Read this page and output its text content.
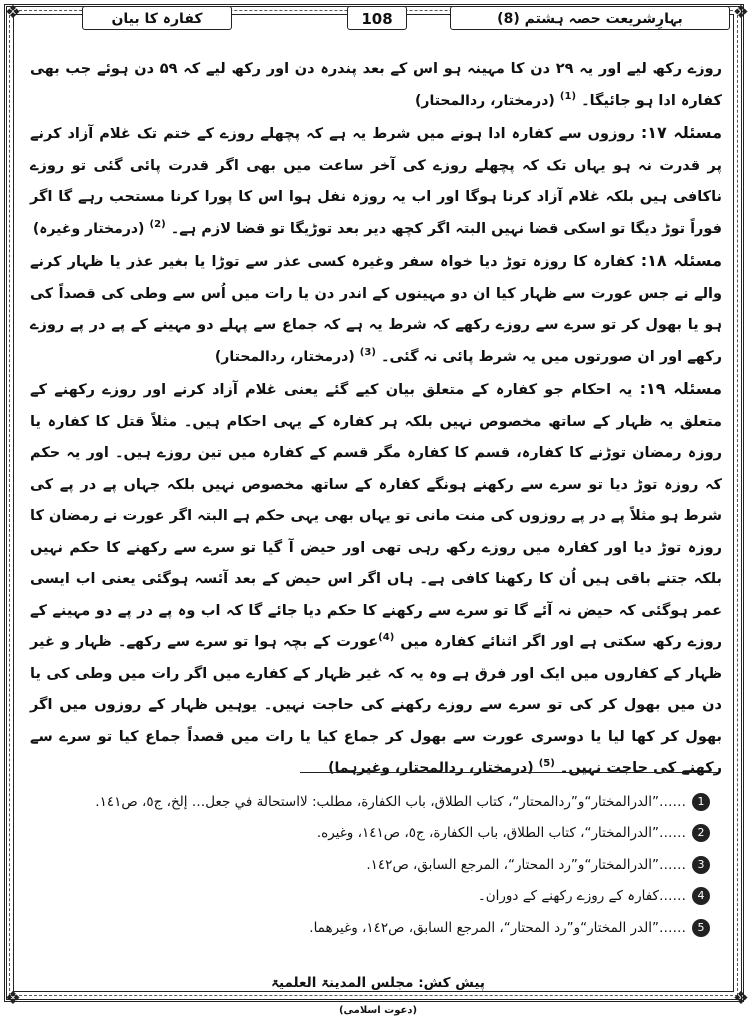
❖	❖
❖	❖
بہارِشریعت حصہ ہشتم (8)
108
کفارہ کا بیان

روزے رکھ لیے اور یہ ۲۹ دن کا مہینہ ہو اس کے بعد پندرہ دن اور رکھ لیے کہ ۵۹ دن ہوئے جب بھی کفارہ ادا ہو جائیگا۔ $^{(1)}$ (درمختار، ردالمحتار)

مسئلہ ۱۷: روزوں سے کفارہ ادا ہونے میں شرط یہ ہے کہ پچھلے روزے کے ختم تک غلام آزاد کرنے پر قدرت نہ ہو یہاں تک کہ پچھلے روزے کی آخر ساعت میں بھی اگر قدرت پائی گئی تو روزے ناکافی ہیں بلکہ غلام آزاد کرنا ہوگا اور اب یہ روزہ نفل ہوا اس کا پورا کرنا مستحب رہے گا اگر فوراً توڑ دیگا تو اسکی قضا نہیں البتہ اگر کچھ دیر بعد توڑیگا تو قضا لازم ہے۔ $^{(2)}$ (درمختار وغیرہ)

مسئلہ ۱۸: کفارہ کا روزہ توڑ دیا خواہ سفر وغیرہ کسی عذر سے توڑا یا بغیر عذر یا ظہار کرنے والے نے جس عورت سے ظہار کیا ان دو مہینوں کے اندر دن یا رات میں اُس سے وطی کی قصداً کی ہو یا بھول کر تو سرے سے روزے رکھے کہ شرط یہ ہے کہ جماع سے پہلے دو مہینے کے پے در پے روزے رکھے اور ان صورتوں میں یہ شرط پائی نہ گئی۔ $^{(3)}$ (درمختار، ردالمحتار)

مسئلہ ۱۹: یہ احکام جو کفارہ کے متعلق بیان کیے گئے یعنی غلام آزاد کرنے اور روزے رکھنے کے متعلق یہ ظہار کے ساتھ مخصوص نہیں بلکہ ہر کفارہ کے یہی احکام ہیں۔ مثلاً قتل کا کفارہ یا روزہ رمضان توڑنے کا کفارہ، قسم کا کفارہ مگر قسم کے کفارہ میں تین روزے ہیں۔ اور یہ حکم کہ روزہ توڑ دیا تو سرے سے رکھنے ہونگے کفارہ کے ساتھ مخصوص نہیں بلکہ جہاں پے در پے کی شرط ہو مثلاً پے در پے روزوں کی منت مانی تو یہاں بھی یہی حکم ہے البتہ اگر عورت نے رمضان کا روزہ توڑ دیا اور کفارہ میں روزے رکھ رہی تھی اور حیض آ گیا تو سرے سے رکھنے کا حکم نہیں بلکہ جتنے باقی ہیں اُن کا رکھنا کافی ہے۔ ہاں اگر اس حیض کے بعد آئسہ ہوگئی یعنی اب ایسی عمر ہوگئی کہ حیض نہ آئے گا تو سرے سے رکھنے کا حکم دیا جائے گا کہ اب وہ پے در پے دو مہینے کے روزے رکھ سکتی ہے اور اگر اثنائے کفارہ میں $^{(4)}$عورت کے بچہ ہوا تو سرے سے رکھے۔ ظہار و غیر ظہار کے کفاروں میں ایک اور فرق ہے وہ یہ کہ غیر ظہار کے کفارے میں اگر رات میں وطی کی یا دن میں بھول کر کی تو سرے سے روزے رکھنے کی حاجت نہیں۔ یوہیں ظہار کے روزوں میں اگر بھول کر کھا لیا یا دوسری عورت سے بھول کر جماع کیا یا رات میں قصداً جماع کیا تو سرے سے رکھنے کی حاجت نہیں۔ $^{(5)}$ (درمختار، ردالمحتار، وغیرہما)

1
……”الدرالمختار“و”ردالمحتار“، كتاب الطلاق، باب الكفارة، مطلب: لااستحالة في جعل… إلخ، ج٥، ص١٤١.
2
……”الدرالمختار“، كتاب الطلاق، باب الكفارة، ج٥، ص١٤١، وغيره.
3
……”الدرالمختار“و”رد المحتار“، المرجع السابق، ص١٤٢.
4
……کفارہ کے روزے رکھنے کے دوران۔
5
……”الدر المختار“و”رد المحتار“، المرجع السابق، ص١٤٢، وغيرهما.
پیش کش: مجلس المدینۃ العلمیۃ (دعوت اسلامی)
